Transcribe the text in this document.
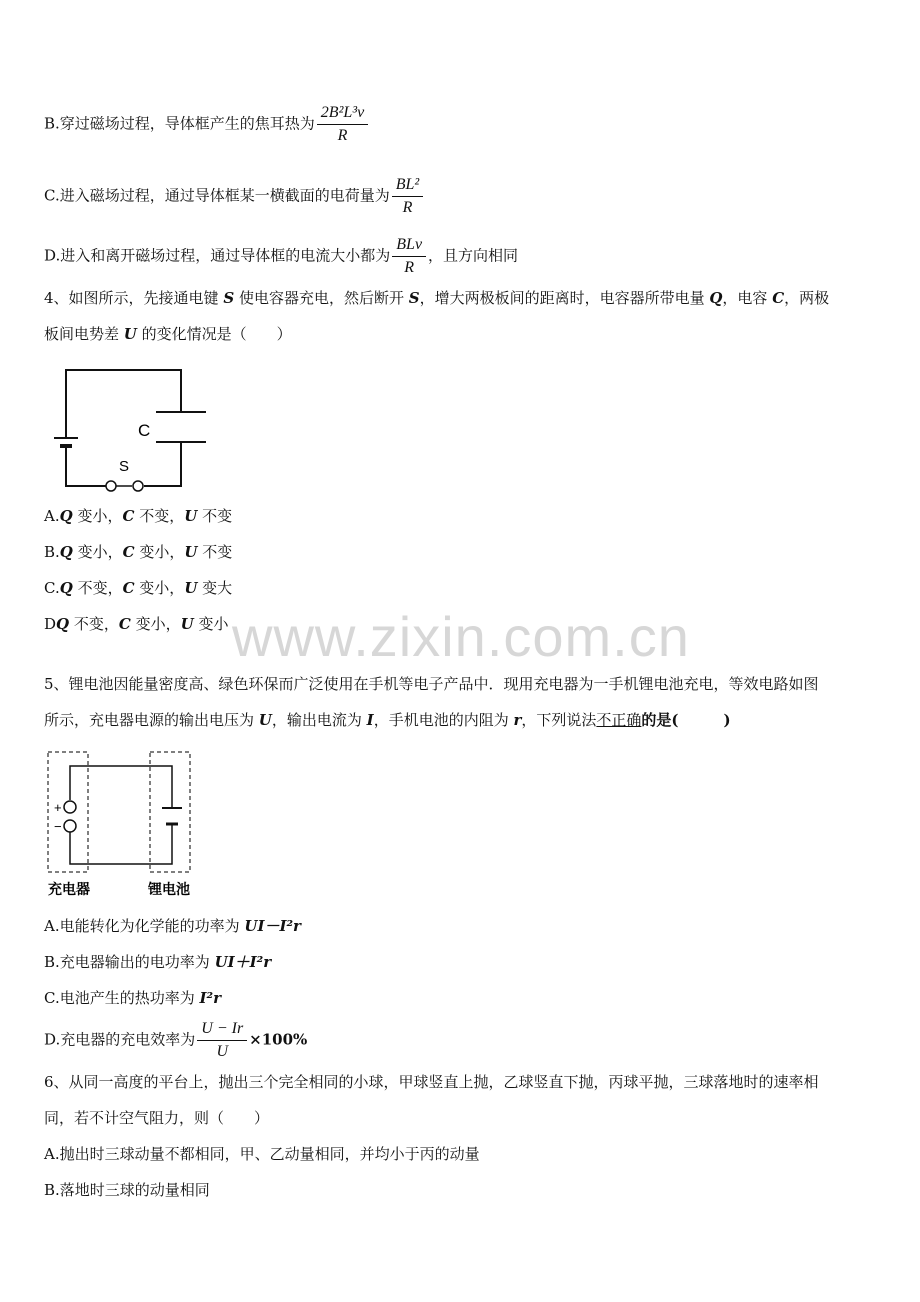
B.穿过磁场过程，导体框产生的焦耳热为 $\frac{\text{2B²L³v}}{R}$
C.进入磁场过程，通过导体框某一横截面的电荷量为 $\frac{\text{BL²}}{R}$
D.进入和离开磁场过程，通过导体框的电流大小都为 $\frac{\text{BLv}}{R}$ ，且方向相同
4、如图所示，先接通电键 S 使电容器充电，然后断开 S，增大两极板间的距离时，电容器所带电量 Q，电容 C，两极
板间电势差 U 的变化情况是（　　）
C
S
A.Q 变小，C 不变，U 不变
B.Q 变小，C 变小，U 不变
C.Q 不变，C 变小，U 变大
DQ 不变，C 变小，U 变小 www.zixin.com.cn
5、锂电池因能量密度高、绿色环保而广泛使用在手机等电子产品中．现用充电器为一手机锂电池充电，等效电路如图
所示，充电器电源的输出电压为 U，输出电流为 I，手机电池的内阻为 r，下列说法不正确的是(　　　)
+
−
充电器	锂电池
A.电能转化为化学能的功率为 UI－I²r
B.充电器输出的电功率为 UI＋I²r
C.电池产生的热功率为 I²r
D.充电器的充电效率为 $\frac{U - Ir}{U} \times 100\%$
6、从同一高度的平台上，抛出三个完全相同的小球，甲球竖直上抛，乙球竖直下抛，丙球平抛，三球落地时的速率相
同，若不计空气阻力，则（　　）
A.抛出时三球动量不都相同，甲、乙动量相同，并均小于丙的动量
B.落地时三球的动量相同
